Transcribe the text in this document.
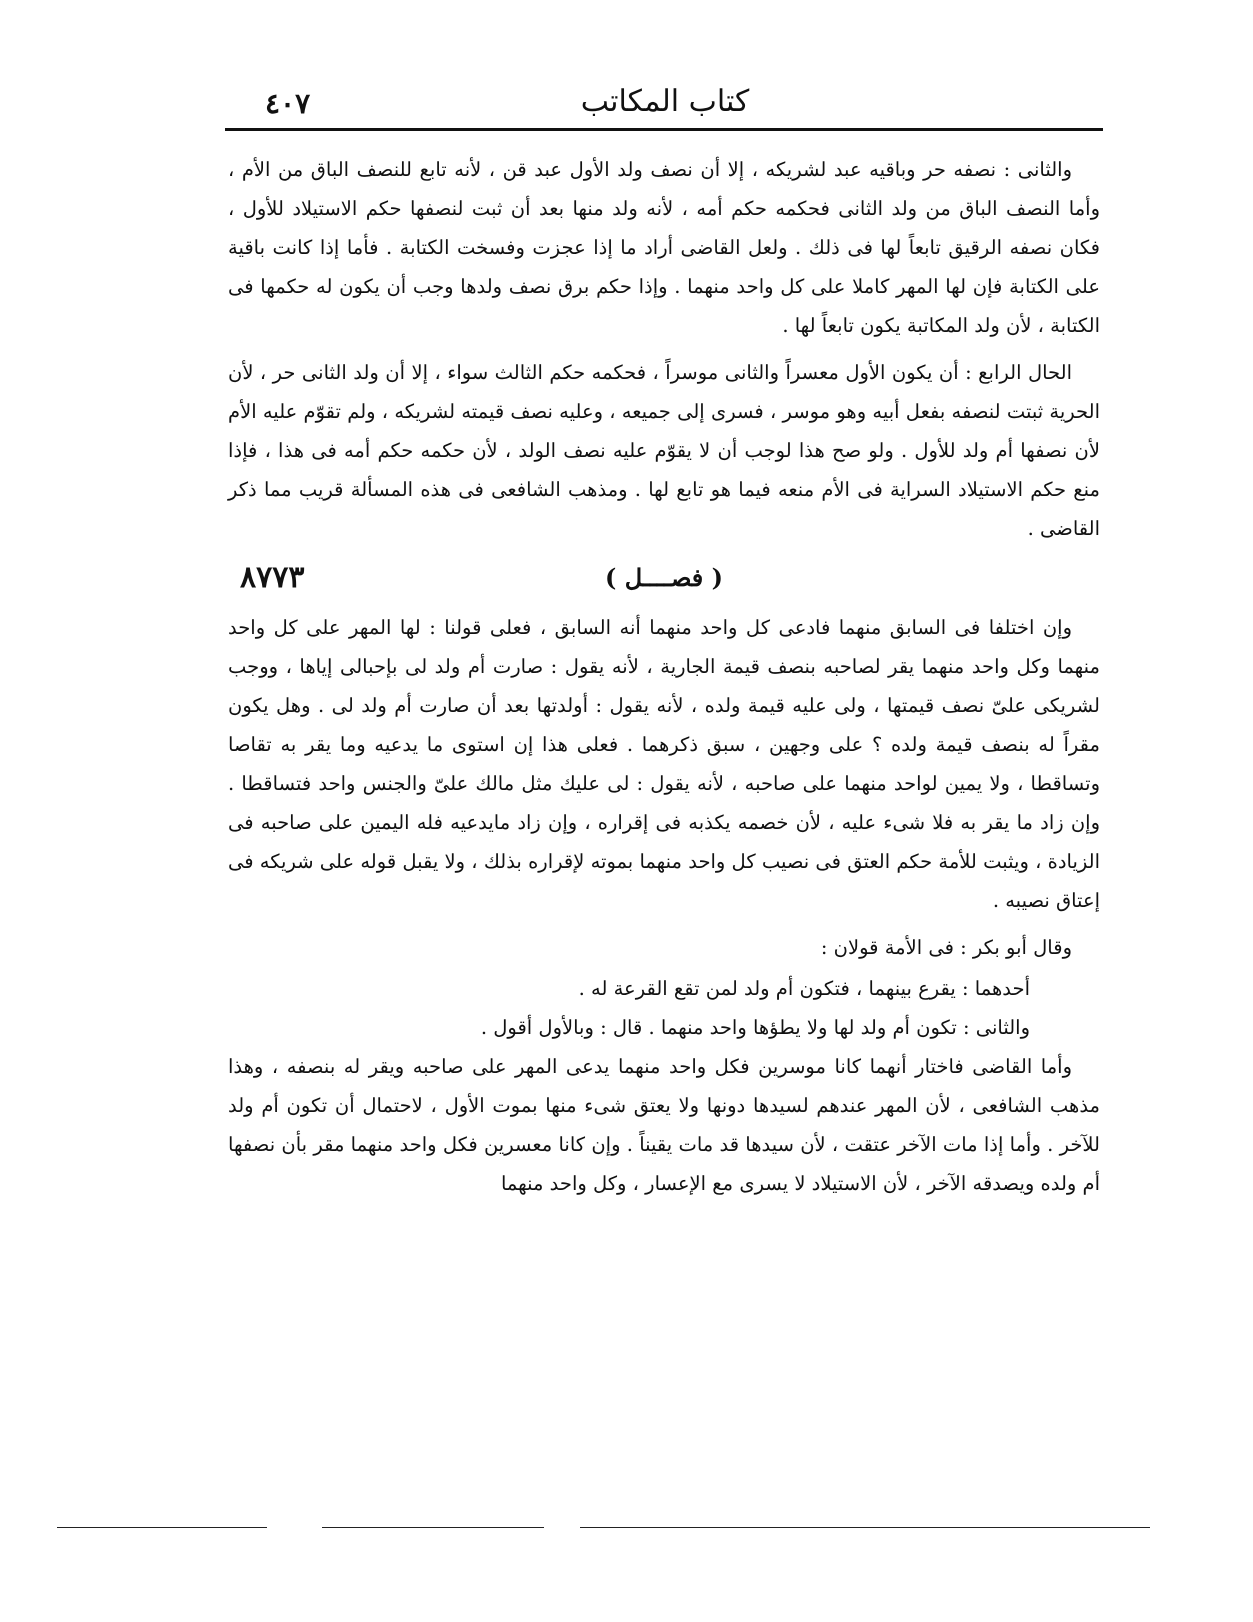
كتاب المكاتب
٤٠٧

والثانى : نصفه حر وباقيه عبد لشريكه ، إلا أن نصف ولد الأول عبد قن ، لأنه تابع للنصف الباق من الأم ، وأما النصف الباق من ولد الثانى فحكمه حكم أمه ، لأنه ولد منها بعد أن ثبت لنصفها حكم الاستيلاد للأول ، فكان نصفه الرقيق تابعاً لها فى ذلك . ولعل القاضى أراد ما إذا عجزت وفسخت الكتابة . فأما إذا كانت باقية على الكتابة فإن لها المهر كاملا على كل واحد منهما . وإذا حكم برق نصف ولدها وجب أن يكون له حكمها فى الكتابة ، لأن ولد المكاتبة يكون تابعاً لها .

الحال الرابع : أن يكون الأول معسراً والثانى موسراً ، فحكمه حكم الثالث سواء ، إلا أن ولد الثانى حر ، لأن الحرية ثبتت لنصفه بفعل أبيه وهو موسر ، فسرى إلى جميعه ، وعليه نصف قيمته لشريكه ، ولم تقوّم عليه الأم لأن نصفها أم ولد للأول . ولو صح هذا لوجب أن لا يقوّم عليه نصف الولد ، لأن حكمه حكم أمه فى هذا ، فإذا منع حكم الاستيلاد السراية فى الأم منعه فيما هو تابع لها . ومذهب الشافعى فى هذه المسألة قريب مما ذكر القاضى .

( فصــــل )
٨٧٧٣

وإن اختلفا فى السابق منهما فادعى كل واحد منهما أنه السابق ، فعلى قولنا : لها المهر على كل واحد منهما وكل واحد منهما يقر لصاحبه بنصف قيمة الجارية ، لأنه يقول : صارت أم ولد لى بإحبالى إياها ، ووجب لشريكى علىّ نصف قيمتها ، ولى عليه قيمة ولده ، لأنه يقول : أولدتها بعد أن صارت أم ولد لى . وهل يكون مقراً له بنصف قيمة ولده ؟ على وجهين ، سبق ذكرهما . فعلى هذا إن استوى ما يدعيه وما يقر به تقاصا وتساقطا ، ولا يمين لواحد منهما على صاحبه ، لأنه يقول : لى عليك مثل مالك علىّ والجنس واحد فتساقطا . وإن زاد ما يقر به فلا شىء عليه ، لأن خصمه يكذبه فى إقراره ، وإن زاد مايدعيه فله اليمين على صاحبه فى الزيادة ، ويثبت للأمة حكم العتق فى نصيب كل واحد منهما بموته لإقراره بذلك ، ولا يقبل قوله على شريكه فى إعتاق نصيبه .

وقال أبو بكر : فى الأمة قولان :

أحدهما : يقرع بينهما ، فتكون أم ولد لمن تقع القرعة له .

والثانى : تكون أم ولد لها ولا يطؤها واحد منهما . قال : وبالأول أقول .

وأما القاضى فاختار أنهما كانا موسرين فكل واحد منهما يدعى المهر على صاحبه ويقر له بنصفه ، وهذا مذهب الشافعى ، لأن المهر عندهم لسيدها دونها ولا يعتق شىء منها بموت الأول ، لاحتمال أن تكون أم ولد للآخر . وأما إذا مات الآخر عتقت ، لأن سيدها قد مات يقيناً . وإن كانا معسرين فكل واحد منهما مقر بأن نصفها أم ولده ويصدقه الآخر ، لأن الاستيلاد لا يسرى مع الإعسار ، وكل واحد منهما
